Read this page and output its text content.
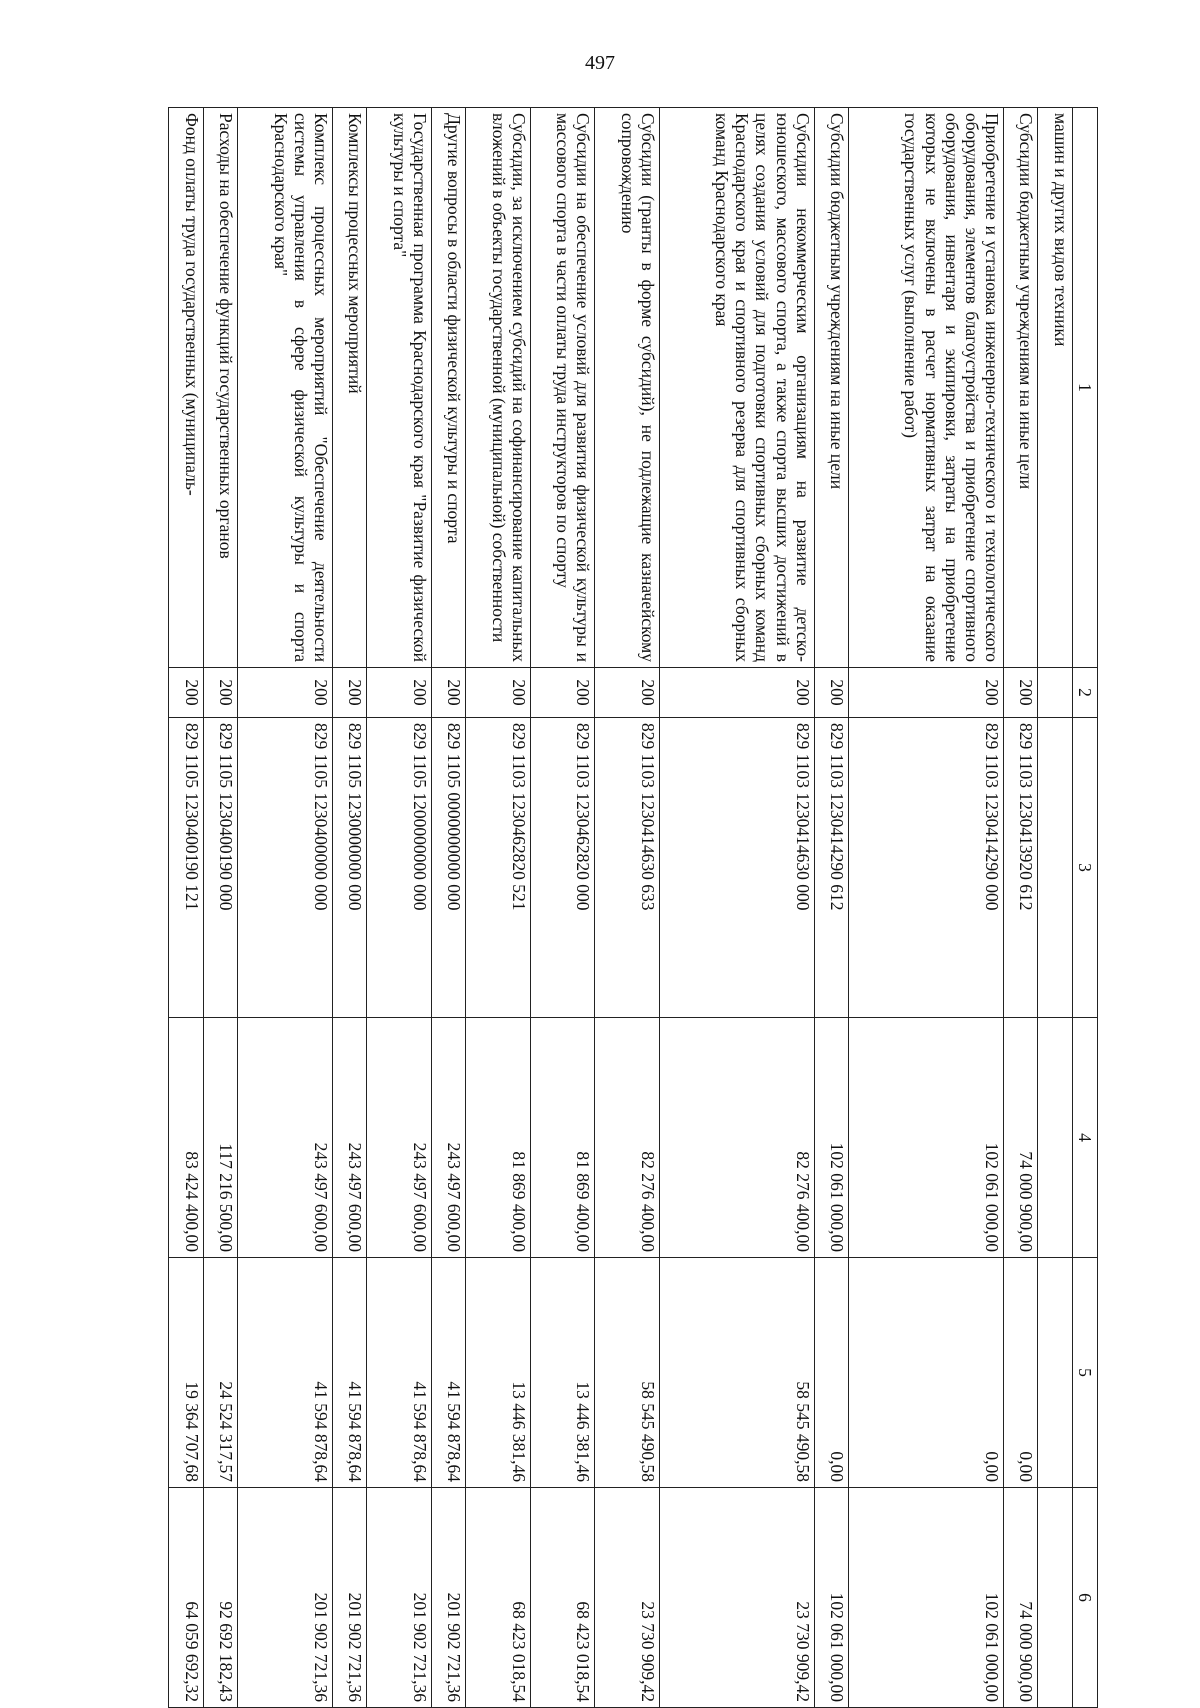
497
1	2	3	4	5	6
машин и других видов техники					
Субсидии бюджетным учреждениям на иные цели	200	829 1103 1230413920 612	74 000 900,00	0,00	74 000 900,00
Приобретение и установка инженерно-технического и технологического оборудования, элементов благоустройства и приобретение спортивного оборудования, инвентаря и экипировки, затраты на приобретение которых не включены в расчет нормативных затрат на оказание государственных услуг (выполнение работ)	200	829 1103 1230414290 000	102 061 000,00	0,00	102 061 000,00
Субсидии бюджетным учреждениям на иные цели	200	829 1103 1230414290 612	102 061 000,00	0,00	102 061 000,00
Субсидии некоммерческим организациям на развитие детско-юношеского, массового спорта, а также спорта высших достижений в целях создания условий для подготовки спортивных сборных команд Краснодарского края и спортивного резерва для спортивных сборных команд Краснодарского края	200	829 1103 1230414630 000	82 276 400,00	58 545 490,58	23 730 909,42
Субсидии (гранты в форме субсидий), не подлежащие казначейскому сопровождению	200	829 1103 1230414630 633	82 276 400,00	58 545 490,58	23 730 909,42
Субсидии на обеспечение условий для развития физической культуры и массового спорта в части оплаты труда инструкторов по спорту	200	829 1103 1230462820 000	81 869 400,00	13 446 381,46	68 423 018,54
Субсидии, за исключением субсидий на софинансирование капитальных вложений в объекты государственной (муниципальной) собственности	200	829 1103 1230462820 521	81 869 400,00	13 446 381,46	68 423 018,54
Другие вопросы в области физической культуры и спорта	200	829 1105 0000000000 000	243 497 600,00	41 594 878,64	201 902 721,36
Государственная программа Краснодарского края "Развитие физической культуры и спорта"	200	829 1105 1200000000 000	243 497 600,00	41 594 878,64	201 902 721,36
Комплексы процессных мероприятий	200	829 1105 1230000000 000	243 497 600,00	41 594 878,64	201 902 721,36
Комплекс процессных мероприятий "Обеспечение деятельности системы управления в сфере физической культуры и спорта Краснодарского края"	200	829 1105 1230400000 000	243 497 600,00	41 594 878,64	201 902 721,36
Расходы на обеспечение функций государственных органов	200	829 1105 1230400190 000	117 216 500,00	24 524 317,57	92 692 182,43
Фонд оплаты труда государственных (муниципаль-	200	829 1105 1230400190 121	83 424 400,00	19 364 707,68	64 059 692,32
